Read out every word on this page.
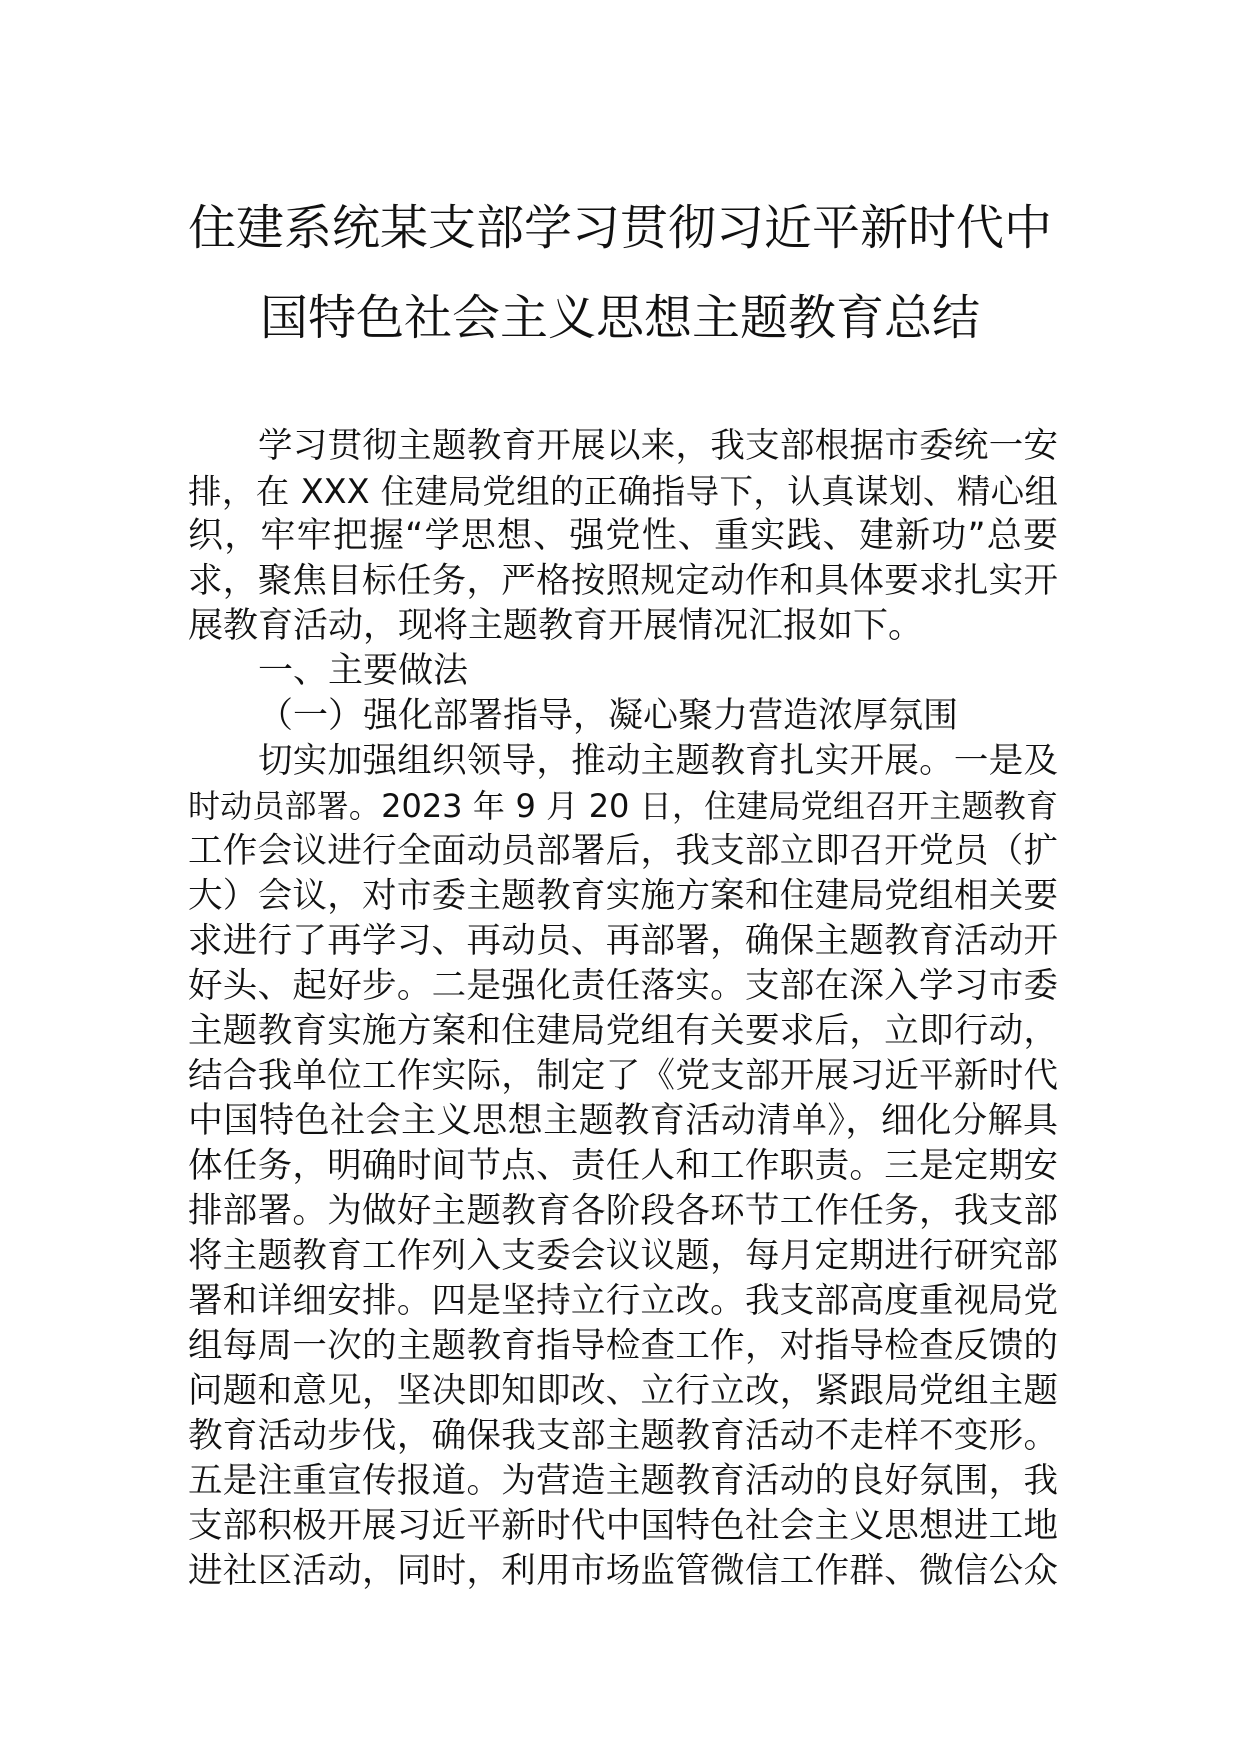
住建系统某支部学习贯彻习近平新时代中
国特色社会主义思想主题教育总结
学习贯彻主题教育开展以来，我支部根据市委统一安
排，在 XXX 住建局党组的正确指导下，认真谋划、精心组
织，牢牢把握“学思想、强党性、重实践、建新功”总要
求，聚焦目标任务，严格按照规定动作和具体要求扎实开
展教育活动，现将主题教育开展情况汇报如下。
一、主要做法
（一）强化部署指导，凝心聚力营造浓厚氛围
切实加强组织领导，推动主题教育扎实开展。一是及
时动员部署。2023 年 9 月 20 日，住建局党组召开主题教育
工作会议进行全面动员部署后，我支部立即召开党员（扩
大）会议，对市委主题教育实施方案和住建局党组相关要
求进行了再学习、再动员、再部署，确保主题教育活动开
好头、起好步。二是强化责任落实。支部在深入学习市委
主题教育实施方案和住建局党组有关要求后，立即行动，
结合我单位工作实际，制定了《党支部开展习近平新时代
中国特色社会主义思想主题教育活动清单》，细化分解具
体任务，明确时间节点、责任人和工作职责。三是定期安
排部署。为做好主题教育各阶段各环节工作任务，我支部
将主题教育工作列入支委会议议题，每月定期进行研究部
署和详细安排。四是坚持立行立改。我支部高度重视局党
组每周一次的主题教育指导检查工作，对指导检查反馈的
问题和意见，坚决即知即改、立行立改，紧跟局党组主题
教育活动步伐，确保我支部主题教育活动不走样不变形。
五是注重宣传报道。为营造主题教育活动的良好氛围，我
支部积极开展习近平新时代中国特色社会主义思想进工地
进社区活动，同时，利用市场监管微信工作群、微信公众
